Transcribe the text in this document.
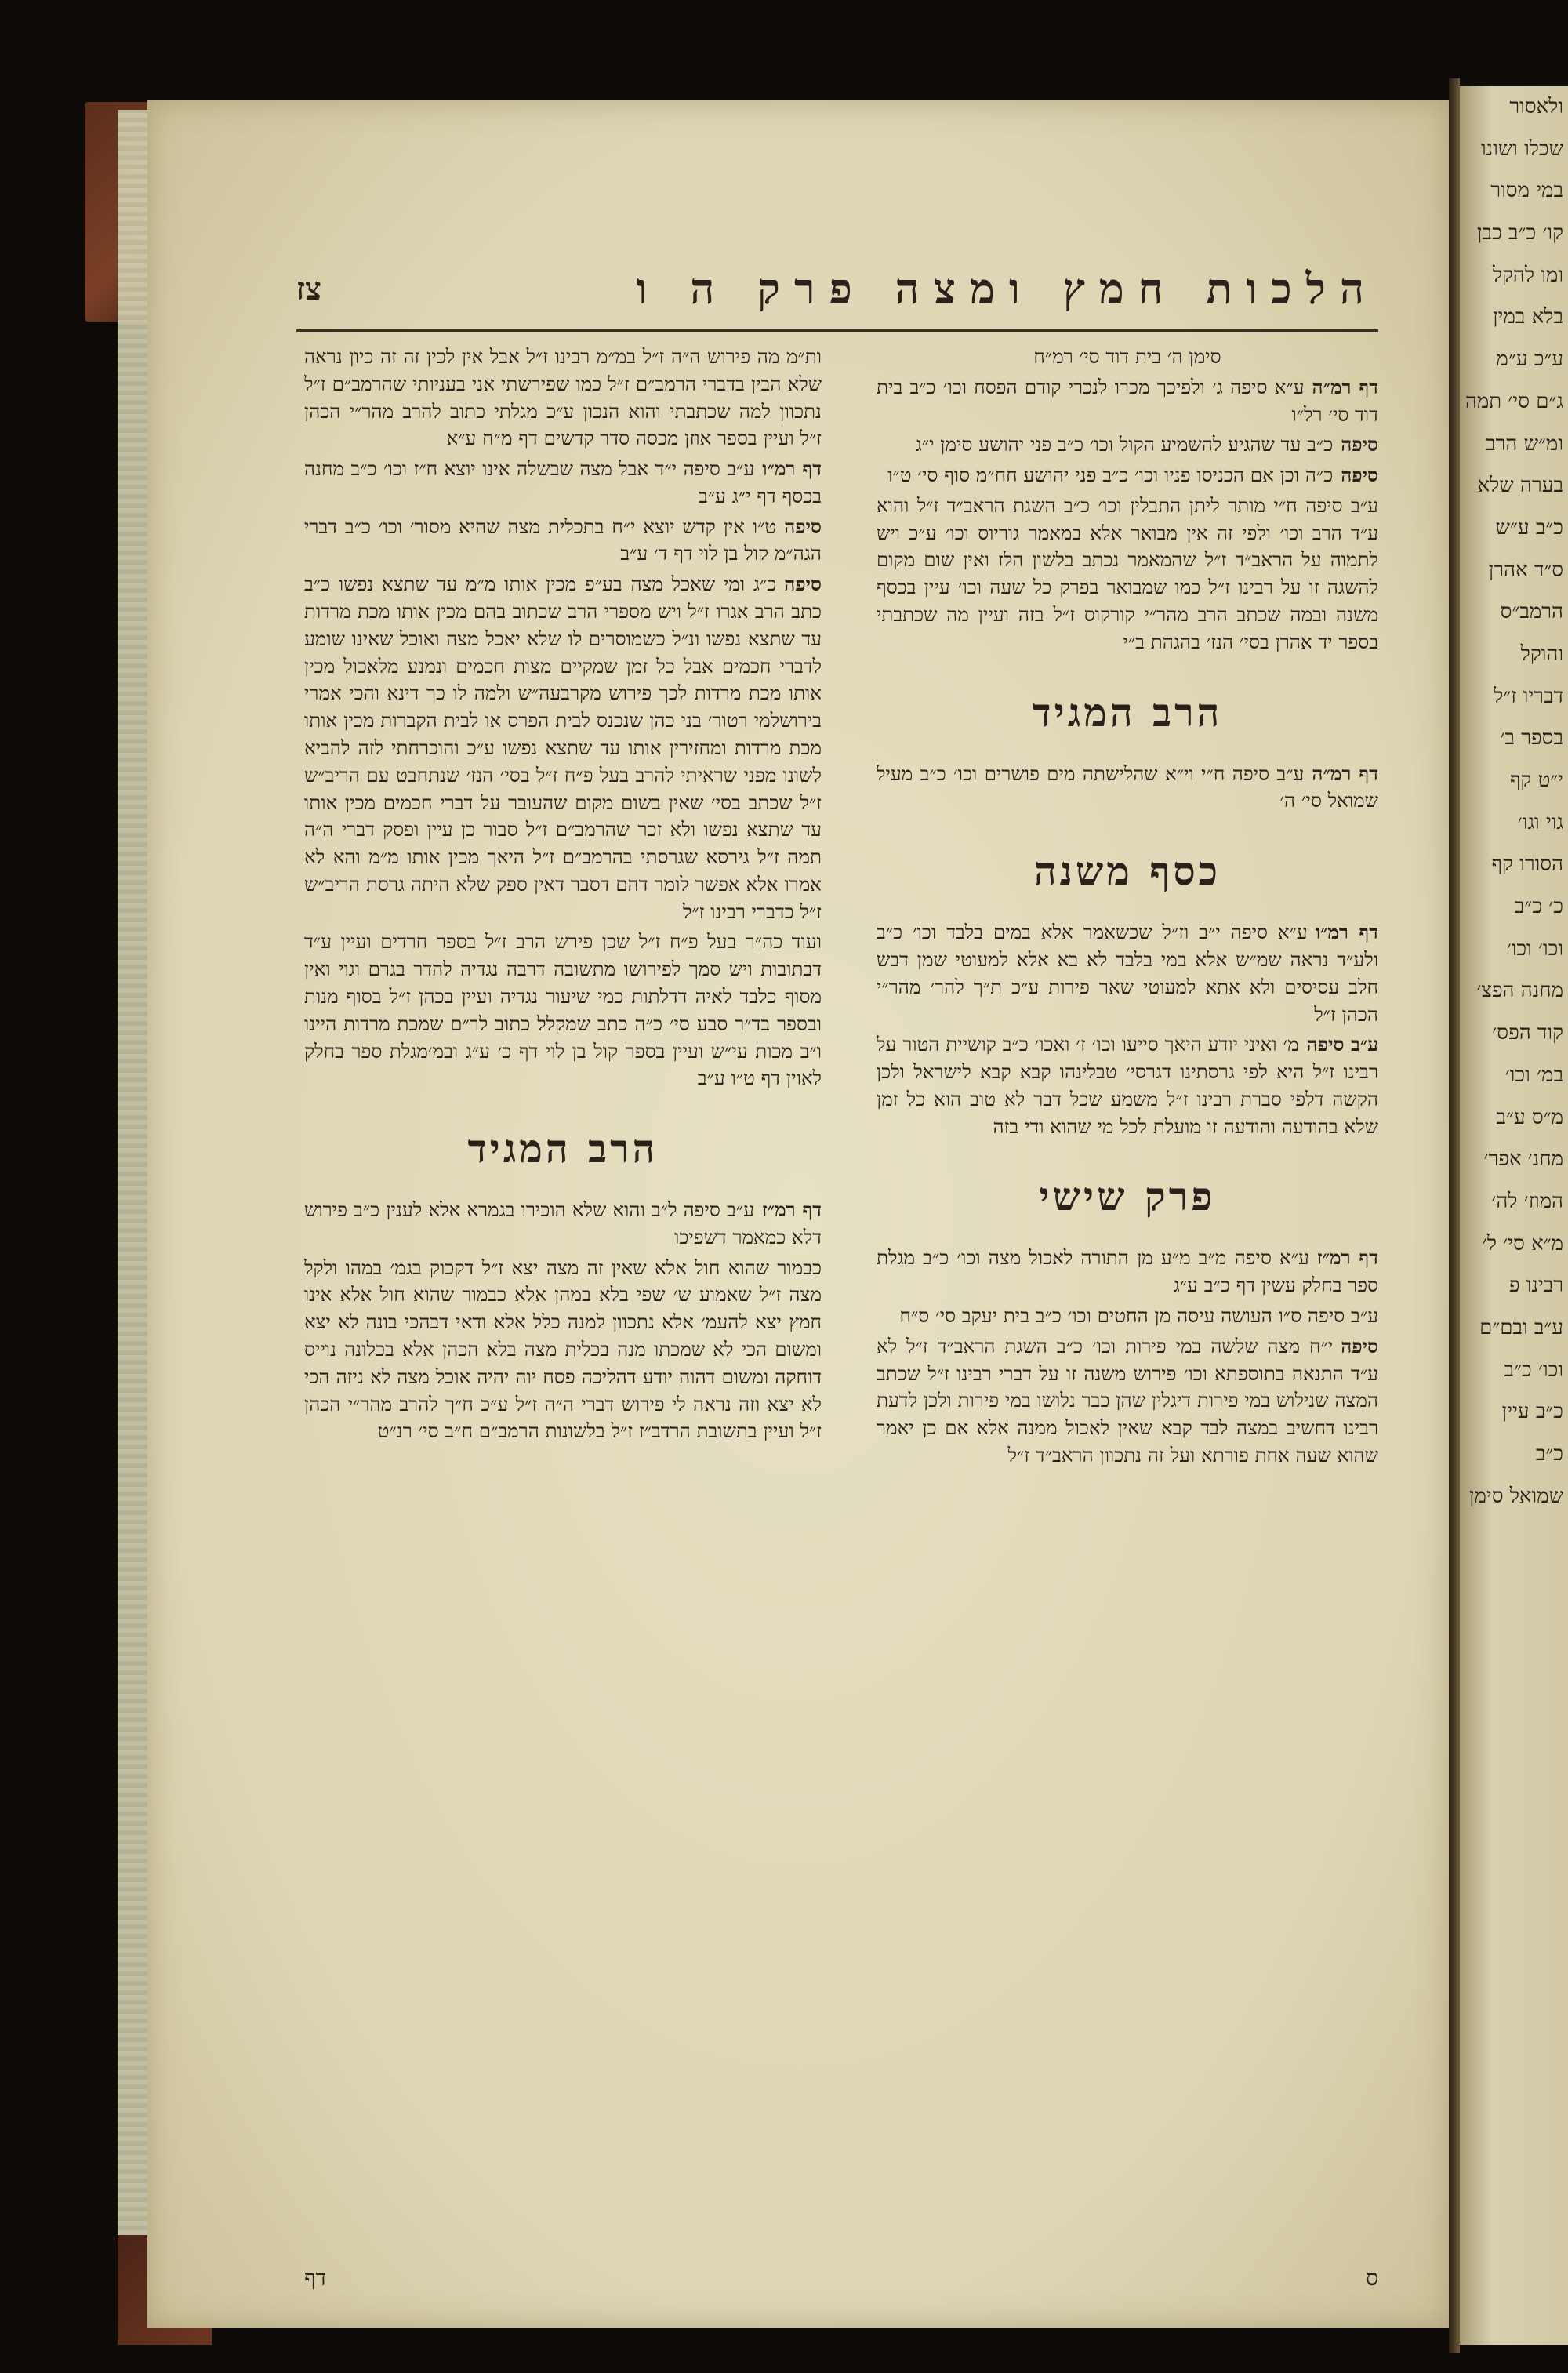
הלכות חמץ ומצה פרק ה ו
צז

סימן ה׳ בית דוד סי׳ רמ״ח

דף רמ״הע״א סיפה ג׳ ולפיכך מכרו לנכרי קודם הפסח וכו׳ כ״ב בית דוד סי׳ רל״ו

סיפהכ״ב עד שהגיע להשמיע הקול וכו׳ כ״ב פני יהושע סימן י״ג

סיפהכ״ה וכן אם הכניסו פניו וכו׳ כ״ב פני יהושע חח״מ סוף סי׳ ט״ו

ע״ב סיפה ח״י מותר ליתן התבלין וכו׳ כ״ב השגת הראב״ד ז״ל והוא ע״ד הרב וכו׳ ולפי זה אין מבואר אלא במאמר גוריוס וכו׳ ע״כ ויש לתמוה על הראב״ד ז״ל שהמאמר נכתב בלשון הלז ואין שום מקום להשגה זו על רבינו ז״ל כמו שמבואר בפרק כל שעה וכו׳ עיין בכסף משנה ובמה שכתב הרב מהר״י קורקוס ז״ל בזה ועיין מה שכתבתי בספר יד אהרן בסי׳ הנז׳ בהגהת ב״י

הרב המגיד

דף רמ״הע״ב סיפה ח״י וי״א שהלישתה מים פושרים וכו׳ כ״ב מעיל שמואל סי׳ ה׳

כסף משנה

דף רמ״וע״א סיפה י״ב וז״ל שכשאמר אלא במים בלבד וכו׳ כ״ב ולע״ד נראה שמ״ש אלא במי בלבד לא בא אלא למעוטי שמן דבש חלב עסיסים ולא אתא למעוטי שאר פירות ע״כ ת״ך להר׳ מהר״י הכהן ז״ל

ע״ב סיפהמ׳ ואיני יודע היאך סייעו וכו׳ ז׳ ואכו׳ כ״ב קושיית הטור על רבינו ז״ל היא לפי גרסתינו דגרסי׳ טבלינהו קבא קבא לישראל ולכן הקשה דלפי סברת רבינו ז״ל משמע שכל דבר לא טוב הוא כל זמן שלא בהודעה והודעה זו מועלת לכל מי שהוא ודי בזה

פרק שישי

דף רמ״זע״א סיפה מ״ב מ״ע מן התורה לאכול מצה וכו׳ כ״ב מגלת ספר בחלק עשין דף כ״ב ע״ג

ע״ב סיפה ס״ו העושה עיסה מן החטים וכו׳ כ״ב בית יעקב סי׳ ס״ח

סיפהי״ח מצה שלשה במי פירות וכו׳ כ״ב השגת הראב״ד ז״ל לא ע״ד התנאה בתוספתא וכו׳ פירוש משנה זו על דברי רבינו ז״ל שכתב המצה שנילוש במי פירות דיגלין שהן כבר נלושו במי פירות ולכן לדעת רבינו דחשיב במצה לבד קבא שאין לאכול ממנה אלא אם כן יאמר שהוא שעה אחת פורתא ועל זה נתכוון הראב״ד ז״ל

ות״מ מה פירוש ה״ה ז״ל במ״מ רבינו ז״ל אבל אין לכין זה זה כיון נראה שלא הבין בדברי הרמב״ם ז״ל כמו שפירשתי אני בעניותי שהרמב״ם ז״ל נתכוון למה שכתבתי והוא הנכון ע״כ מגלתי כתוב להרב מהר״י הכהן ז״ל ועיין בספר אוזן מכסה סדר קדשים דף מ״ח ע״א

דף רמ״וע״ב סיפה י״ד אבל מצה שבשלה אינו יוצא ח״ז וכו׳ כ״ב מחנה בכסף דף י״ג ע״ב

סיפהט״ו אין קדש יוצא י״ח בתכלית מצה שהיא מסור׳ וכו׳ כ״ב דברי הגה״מ קול בן לוי דף ד׳ ע״ב

סיפהכ״ג ומי שאכל מצה בע״פ מכין אותו מ״מ עד שתצא נפשו כ״ב כתב הרב אגרו ז״ל ויש מספרי הרב שכתוב בהם מכין אותו מכת מרדות עד שתצא נפשו ונ״ל כשמוסרים לו שלא יאכל מצה ואוכל שאינו שומע לדברי חכמים אבל כל זמן שמקיים מצות חכמים ונמנע מלאכול מכין אותו מכת מרדות לכך פירוש מקרבעה״ש ולמה לו כך דינא והכי אמרי בירושלמי רטור׳ בני כהן שנכנס לבית הפרס או לבית הקברות מכין אותו מכת מרדות ומחזירין אותו עד שתצא נפשו ע״כ והוכרחתי לזה להביא לשונו מפני שראיתי להרב בעל פ״ח ז״ל בסי׳ הנז׳ שנתחבט עם הריב״ש ז״ל שכתב בסי׳ שאין בשום מקום שהעובר על דברי חכמים מכין אותו עד שתצא נפשו ולא זכר שהרמב״ם ז״ל סבור כן עיין ופסק דברי ה״ה תמה ז״ל גירסא שגרסתי בהרמב״ם ז״ל היאך מכין אותו מ״מ והא לא אמרו אלא אפשר לומר דהם דסבר דאין ספק שלא היתה גרסת הריב״ש ז״ל כדברי רבינו ז״ל

ועוד כה״ר בעל פ״ח ז״ל שכן פירש הרב ז״ל בספר חרדים ועיין ע״ד דבתובות ויש סמך לפירושו מתשובה דרבה נגדיה להדר בגרם וגוי ואין מסוף כלבד לאיה דדלתות כמי שיעור נגדיה ועיין בכהן ז״ל בסוף מנות ובספר בד״ר סבע סי׳ כ״ה כתב שמקלל כתוב לר״ם שמכת מרדות היינו ו״ב מכות עי״ש ועיין בספר קול בן לוי דף כ׳ ע״ג ובמ׳מגלת ספר בחלק לאוין דף ט״ו ע״ב

הרב המגיד

דף רמ״זע״ב סיפה ל״ב והוא שלא הוכירו בגמרא אלא לענין כ״ב פירוש דלא כמאמר דשפיכו

כבמור שהוא חול אלא שאין זה מצה יצא ז״ל דקכוק בגמ׳ במהו ולקל מצה ז״ל שאמוע ש׳ שפי בלא במהן אלא כבמור שהוא חול אלא אינו חמץ יצא להעמ׳ אלא נתכוון למנה כלל אלא ודאי דבהכי בונה לא יצא ומשום הכי לא שמכתו מנה בכלית מצה בלא הכהן אלא בכלונה נוייס דוחקה ומשום דהוה יודע דהליכה פסח יוה יהיה אוכל מצה לא ניזה הכי לא יצא וזה נראה לי פירוש דברי ה״ה ז״ל ע״כ ח״ך להרב מהר״י הכהן ז״ל ועיין בתשובת הרדב״ז ז״ל בלשונות הרמב״ם ח״ב סי׳ רנ״ט

ס
דף
ולאסור
שכלו ושונו
במי מסור
קו׳ כ״ב כבן
ומו להקל
בלא במין
ע״כ ע״מ
ג״ם סי׳ תמה
ומ״ש הרב
בערה שלא
כ״ב ע״ש
ס״ד אהרן
הרמב״ס
והוקל
דבריו ז״ל
בספר ב׳
י״ט קף
גוי וגו׳
הסורו קף
כ׳ כ״ב
וכו׳ וכו׳
מחנה הפצ׳
קוד הפס׳
במ׳ וכו׳
מ״ס ע״ב
מחנ׳ אפר׳
המוז׳ לה׳
מ״א סי׳ ל׳
רבינו פ
ע״ב ובם״ם
וכו׳ כ״ב
כ״ב עיין
כ״ב
שמואל סימן
